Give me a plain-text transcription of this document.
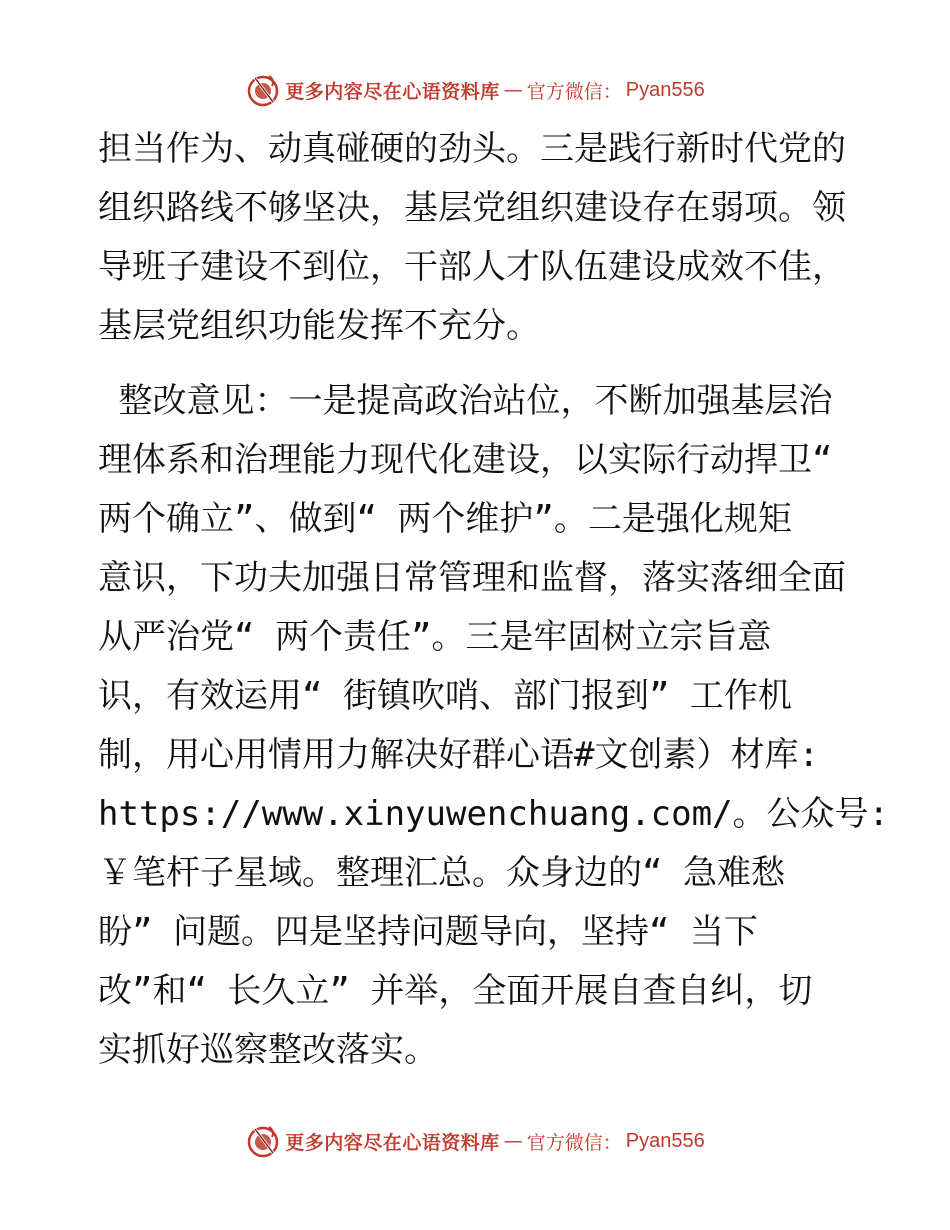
更多内容尽在心语资料库 — 官方微信： Pyan556
担当作为、动真碰硬的劲头。三是践行新时代党的
组织路线不够坚决，基层党组织建设存在弱项。领
导班子建设不到位，干部人才队伍建设成效不佳，
基层党组织功能发挥不充分。
整改意见：一是提高政治站位，不断加强基层治
理体系和治理能力现代化建设，以实际行动捍卫“
两个确立”、做到“ 两个维护”。二是强化规矩
意识，下功夫加强日常管理和监督，落实落细全面
从严治党“ 两个责任”。三是牢固树立宗旨意
识，有效运用“ 街镇吹哨、部门报到” 工作机
制，用心用情用力解决好群心语#文创素）材库:
https://www.xinyuwenchuang.com/。公众号:
￥笔杆子星域。整理汇总。众身边的“ 急难愁
盼” 问题。四是坚持问题导向，坚持“ 当下
改”和“ 长久立” 并举，全面开展自查自纠，切
实抓好巡察整改落实。
更多内容尽在心语资料库 — 官方微信： Pyan556
